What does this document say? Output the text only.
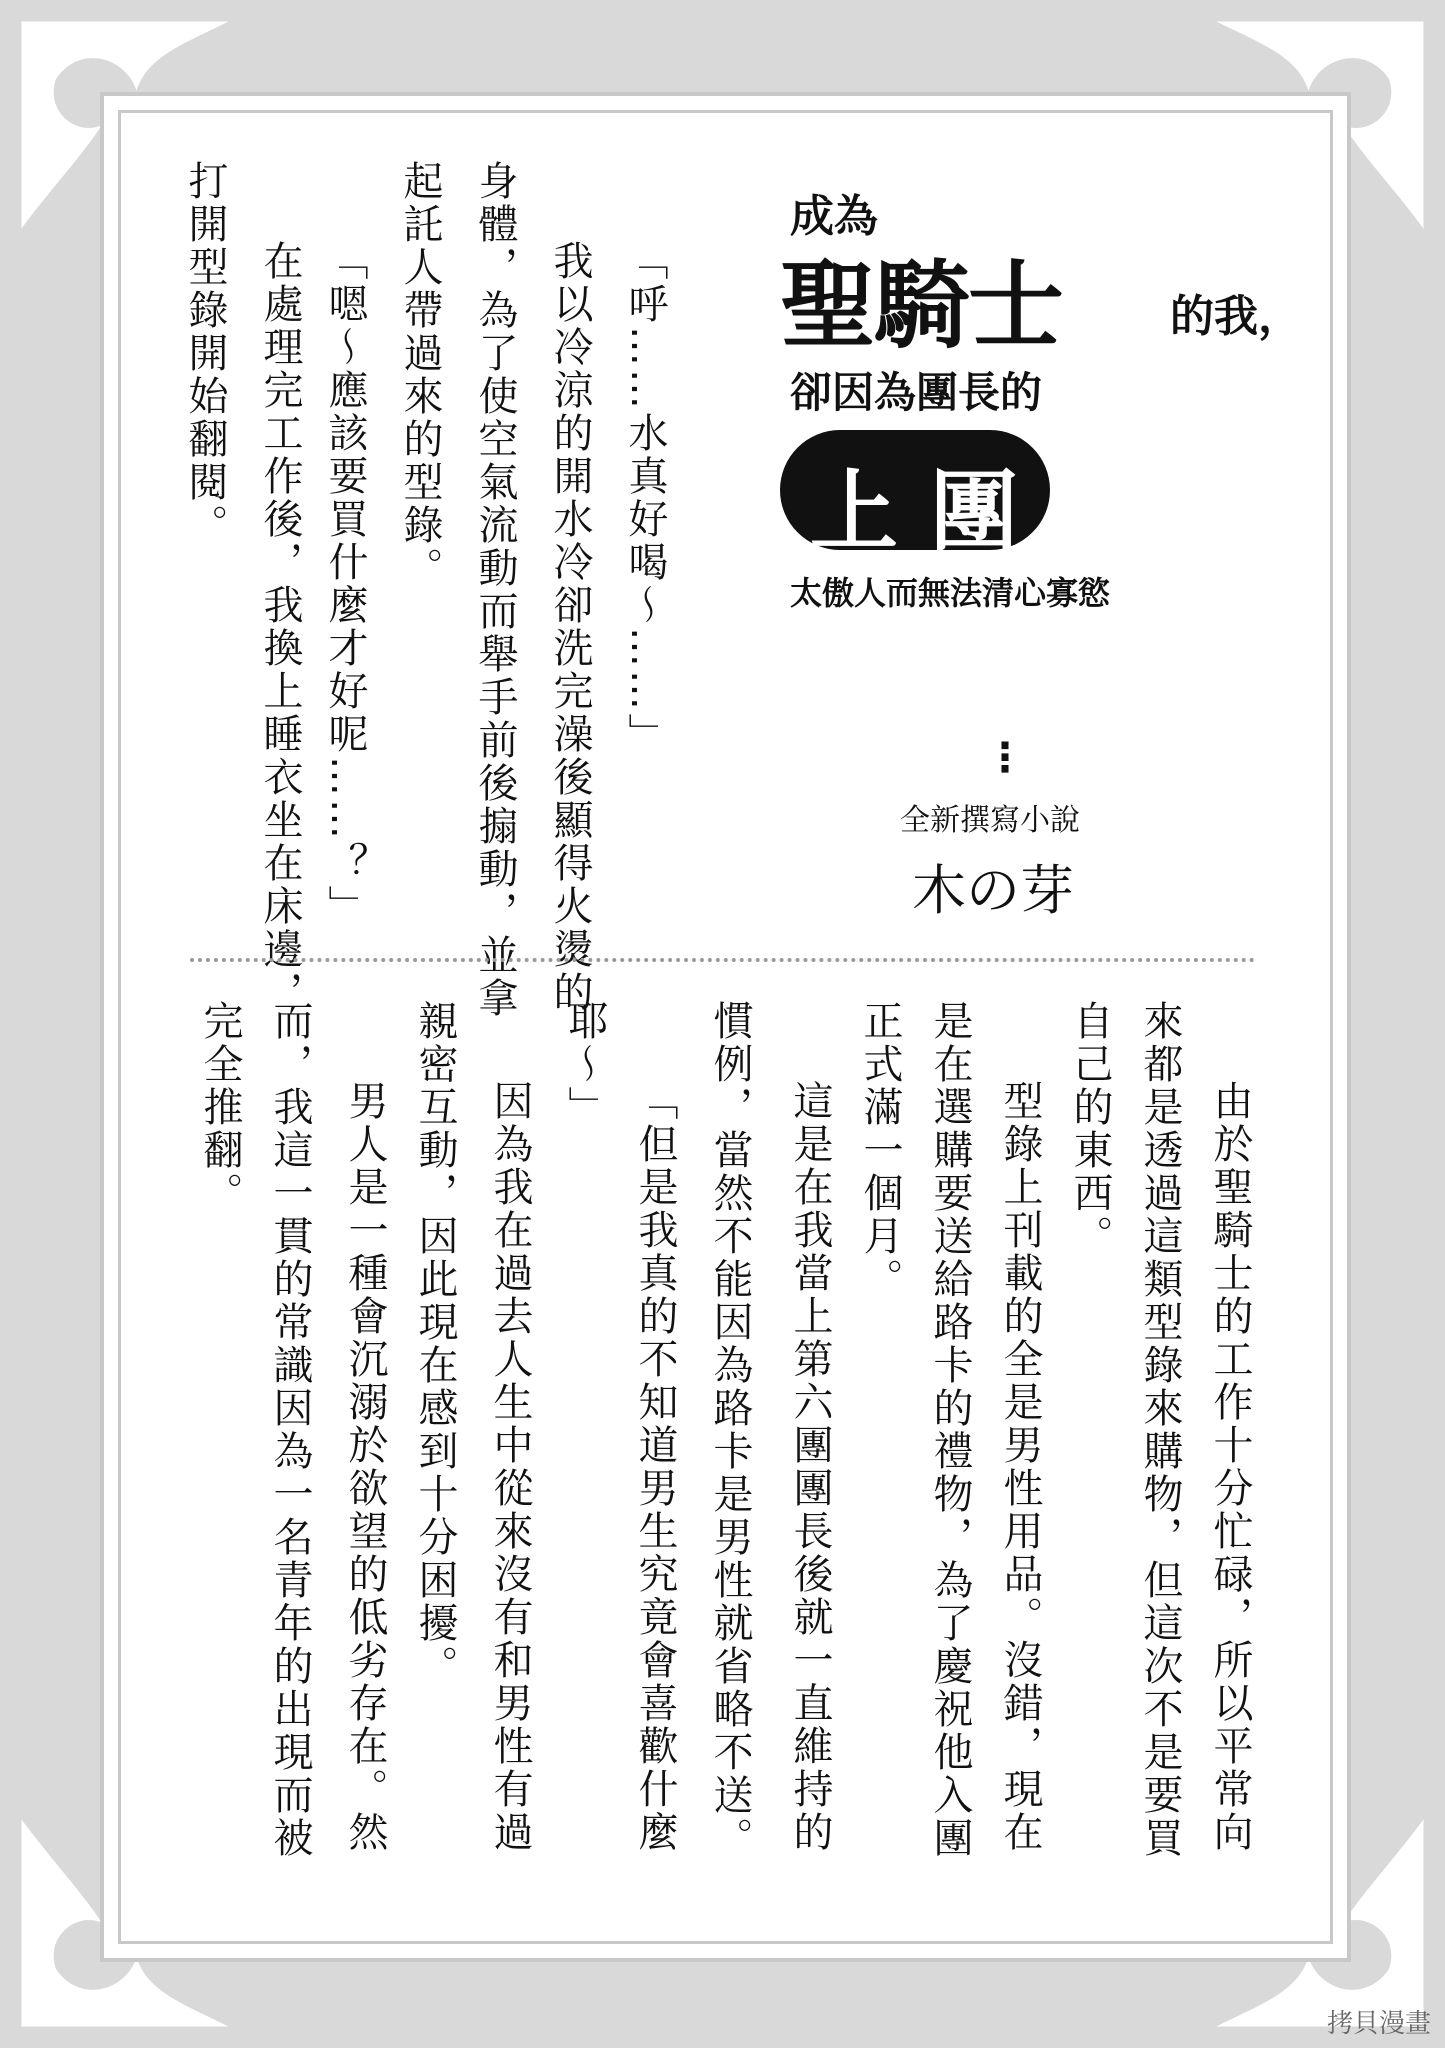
成為
聖騎士 的我，
卻因為團長的
上 團
太傲人而無法清心寡慾
⋮
全新撰寫小說
木の芽
「呼……水真好喝～……」
我以冷涼的開水冷卻洗完澡後顯得火燙的
身體，為了使空氣流動而舉手前後搧動，並拿
起託人帶過來的型錄。
「嗯～應該要買什麼才好呢……？」
在處理完工作後，我換上睡衣坐在床邊，
打開型錄開始翻閱。
由於聖騎士的工作十分忙碌，所以平常向
來都是透過這類型錄來購物，但這次不是要買
自己的東西。
型錄上刊載的全是男性用品。沒錯，現在
是在選購要送給路卡的禮物，為了慶祝他入團
正式滿一個月。
這是在我當上第六團團長後就一直維持的
慣例，當然不能因為路卡是男性就省略不送。
「但是我真的不知道男生究竟會喜歡什麼
耶～」
因為我在過去人生中從來沒有和男性有過
親密互動，因此現在感到十分困擾。
男人是一種會沉溺於欲望的低劣存在。然
而，我這一貫的常識因為一名青年的出現而被
完全推翻。
拷貝漫畫
